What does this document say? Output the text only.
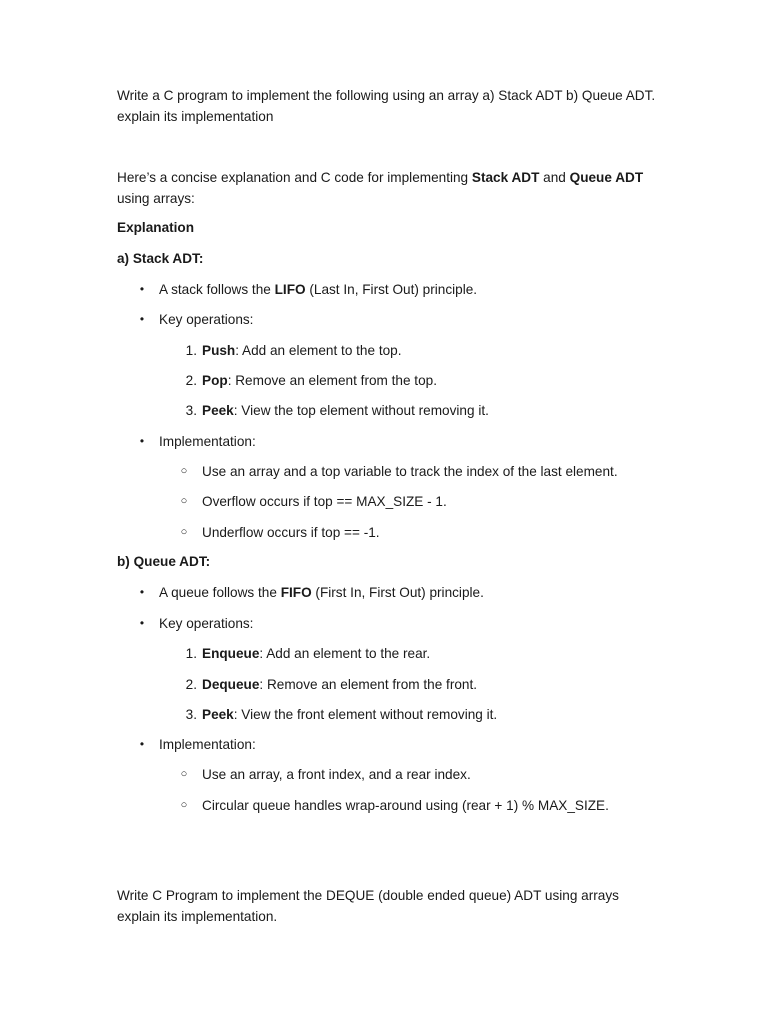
Write a C program to implement the following using an array a) Stack ADT b) Queue ADT. explain its implementation

Here’s a concise explanation and C code for implementing Stack ADT and Queue ADT using arrays:

Explanation

a) Stack ADT:

• A stack follows the LIFO (Last In, First Out) principle.
• Key operations:
1. Push: Add an element to the top.
2. Pop: Remove an element from the top.
3. Peek: View the top element without removing it.
• Implementation:
○ Use an array and a top variable to track the index of the last element.
○ Overflow occurs if top == MAX_SIZE - 1.
○ Underflow occurs if top == -1.

b) Queue ADT:

• A queue follows the FIFO (First In, First Out) principle.
• Key operations:
1. Enqueue: Add an element to the rear.
2. Dequeue: Remove an element from the front.
3. Peek: View the front element without removing it.
• Implementation:
○ Use an array, a front index, and a rear index.
○ Circular queue handles wrap-around using (rear + 1) % MAX_SIZE.

Write C Program to implement the DEQUE (double ended queue) ADT using arrays explain its implementation.
